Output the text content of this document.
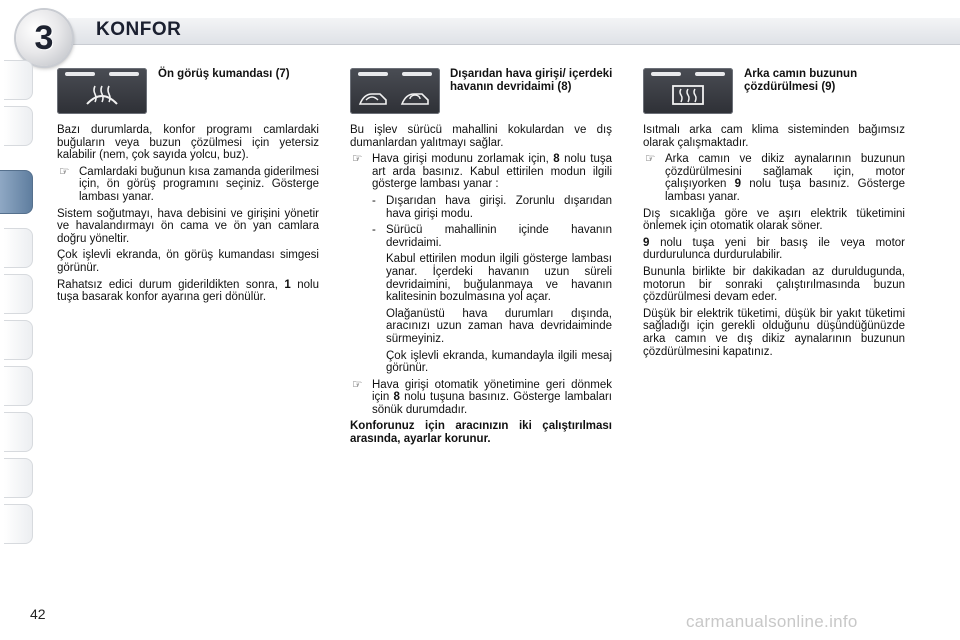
KONFOR
3
Ön görüş kumandası (7)

Bazı durumlarda, konfor programı camlardaki buğuların veya buzun çözülmesi için yetersiz kalabilir (nem, çok sayıda yolcu, buz).

☞ Camlardaki buğunun kısa zamanda giderilmesi için, ön görüş programını seçiniz. Gösterge lambası yanar.

Sistem soğutmayı, hava debisini ve girişini yönetir ve havalandırmayı ön cama ve ön yan camlara doğru yöneltir.

Çok işlevli ekranda, ön görüş kumandası simgesi görünür.

Rahatsız edici durum giderildikten sonra, 1 nolu tuşa basarak konfor ayarına geri dönülür.

Dışarıdan hava girişi/ içerdeki havanın devridaimi (8)

Bu işlev sürücü mahallini kokulardan ve dış dumanlardan yalıtmayı sağlar.

☞ Hava girişi modunu zorlamak için, 8 nolu tuşa art arda basınız. Kabul ettirilen modun ilgili gösterge lambası yanar :
- Dışarıdan hava girişi. Zorunlu dışarıdan hava girişi modu.
- Sürücü mahallinin içinde havanın devridaimi.

Kabul ettirilen modun ilgili gösterge lambası yanar. İçerdeki havanın uzun süreli devridaimini, buğulanmaya ve havanın kalitesinin bozulmasına yol açar.

Olağanüstü hava durumları dışında, aracınızı uzun zaman hava devridaiminde sürmeyiniz.

Çok işlevli ekranda, kumandayla ilgili mesaj görünür.

☞ Hava girişi otomatik yönetimine geri dönmek için 8 nolu tuşuna basınız. Gösterge lambaları sönük durumdadır.

Konforunuz için aracınızın iki çalıştırılması arasında, ayarlar korunur.

Arka camın buzunun çözdürülmesi (9)

Isıtmalı arka cam klima sisteminden bağımsız olarak çalışmaktadır.

☞ Arka camın ve dikiz aynalarının buzunun çözdürülmesini sağlamak için, motor çalışıyorken 9 nolu tuşa basınız. Gösterge lambası yanar.

Dış sıcaklığa göre ve aşırı elektrik tüketimini önlemek için otomatik olarak söner.

9 nolu tuşa yeni bir basış ile veya motor durdurulunca durdurulabilir.

Bununla birlikte bir dakikadan az duruldugunda, motorun bir sonraki çalıştırılmasında buzun çözdürülmesi devam eder.

Düşük bir elektrik tüketimi, düşük bir yakıt tüketimi sağladığı için gerekli olduğunu düşündüğünüzde arka camın ve dış dikiz aynalarının buzunun çözdürülmesini kapatınız.

42	carmanualsonline.info
